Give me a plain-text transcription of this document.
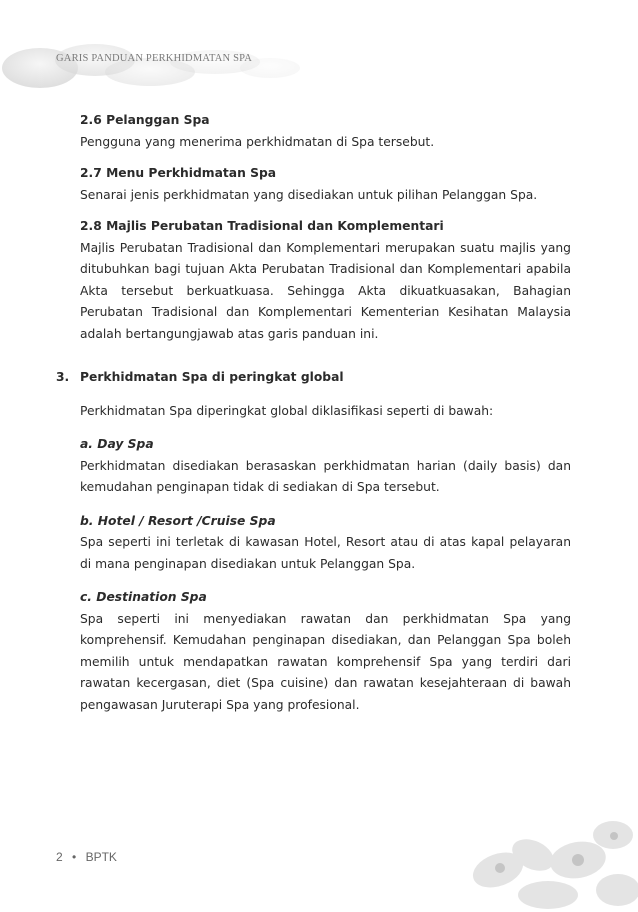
GARIS PANDUAN PERKHIDMATAN SPA
2.6 Pelanggan Spa
Pengguna yang menerima perkhidmatan di Spa tersebut.
2.7 Menu Perkhidmatan Spa
Senarai jenis perkhidmatan yang disediakan untuk pilihan Pelanggan Spa.
2.8 Majlis Perubatan Tradisional dan Komplementari
Majlis Perubatan Tradisional dan Komplementari merupakan suatu majlis yang ditubuhkan bagi tujuan Akta Perubatan Tradisional dan Komplementari apabila Akta tersebut berkuatkuasa. Sehingga Akta dikuatkuasakan, Bahagian Perubatan Tradisional dan Komplementari Kementerian Kesihatan Malaysia adalah bertangungjawab atas garis panduan ini.
3. Perkhidmatan Spa di peringkat global
Perkhidmatan Spa diperingkat global diklasifikasi seperti di bawah:
a. Day Spa
Perkhidmatan disediakan berasaskan perkhidmatan harian (daily basis) dan kemudahan penginapan tidak di sediakan di Spa tersebut.
b. Hotel / Resort /Cruise Spa
Spa seperti ini terletak di kawasan Hotel, Resort atau di atas kapal pelayaran di mana penginapan disediakan untuk Pelanggan Spa.
c. Destination Spa
Spa seperti ini menyediakan rawatan dan perkhidmatan Spa yang komprehensif. Kemudahan penginapan disediakan, dan Pelanggan Spa boleh memilih untuk mendapatkan rawatan komprehensif Spa yang terdiri dari rawatan kecergasan, diet (Spa cuisine) dan rawatan kesejahteraan di bawah pengawasan Juruterapi Spa yang profesional.
2 • BPTK
